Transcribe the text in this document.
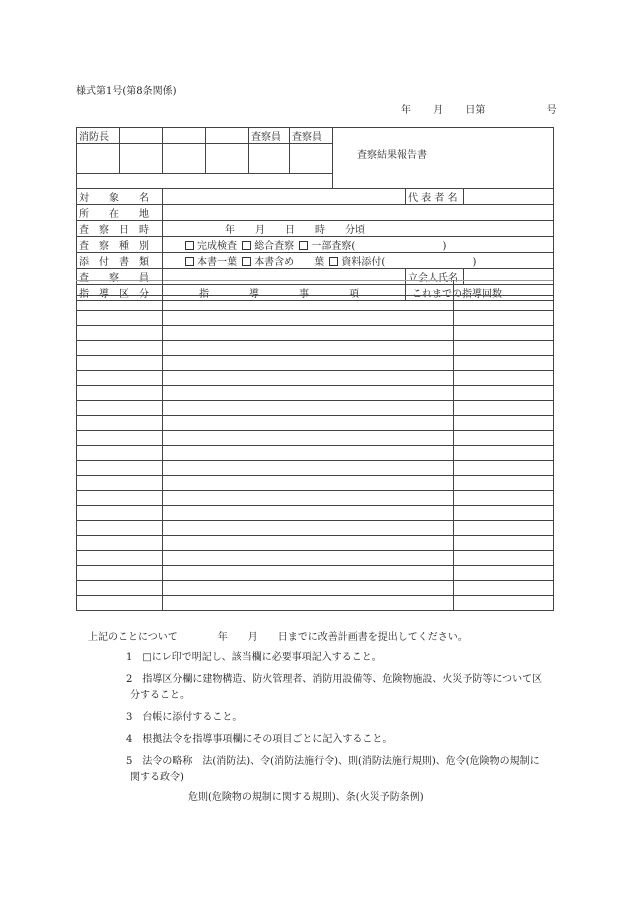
様式第1号(第8条関係)
年 月 日第	号
消防長				査察員	査察員	査察結果報告書		

対　　象　　名							代 表 者 名	
所　　在　　地								
査　察　日　時		年　　月　　日　　時　　分頃						
査　察　種　別		完成検査 総合査察 一部査察( )						
添　付　書　類		本書一葉 本書含め　　葉 資料添付( )						
査　　察　　員							立会人氏名	
指　導　区　分		指　　　　導　　　　事　　　　項					これまでの指導回数	

上記のことについて　　　　年　　月　　日までに改善計画書を提出してください。
1　□にレ印で明記し、該当欄に必要事項記入すること。
2　指導区分欄に建物構造、防火管理者、消防用設備等、危険物施設、火災予防等について区
分すること。
3　台帳に添付すること。
4　根拠法令を指導事項欄にその項目ごとに記入すること。
5　法令の略称　法(消防法)、令(消防法施行令)、則(消防法施行規則)、危令(危険物の規制に
関する政令)
危則(危険物の規制に関する規則)、条(火災予防条例)
